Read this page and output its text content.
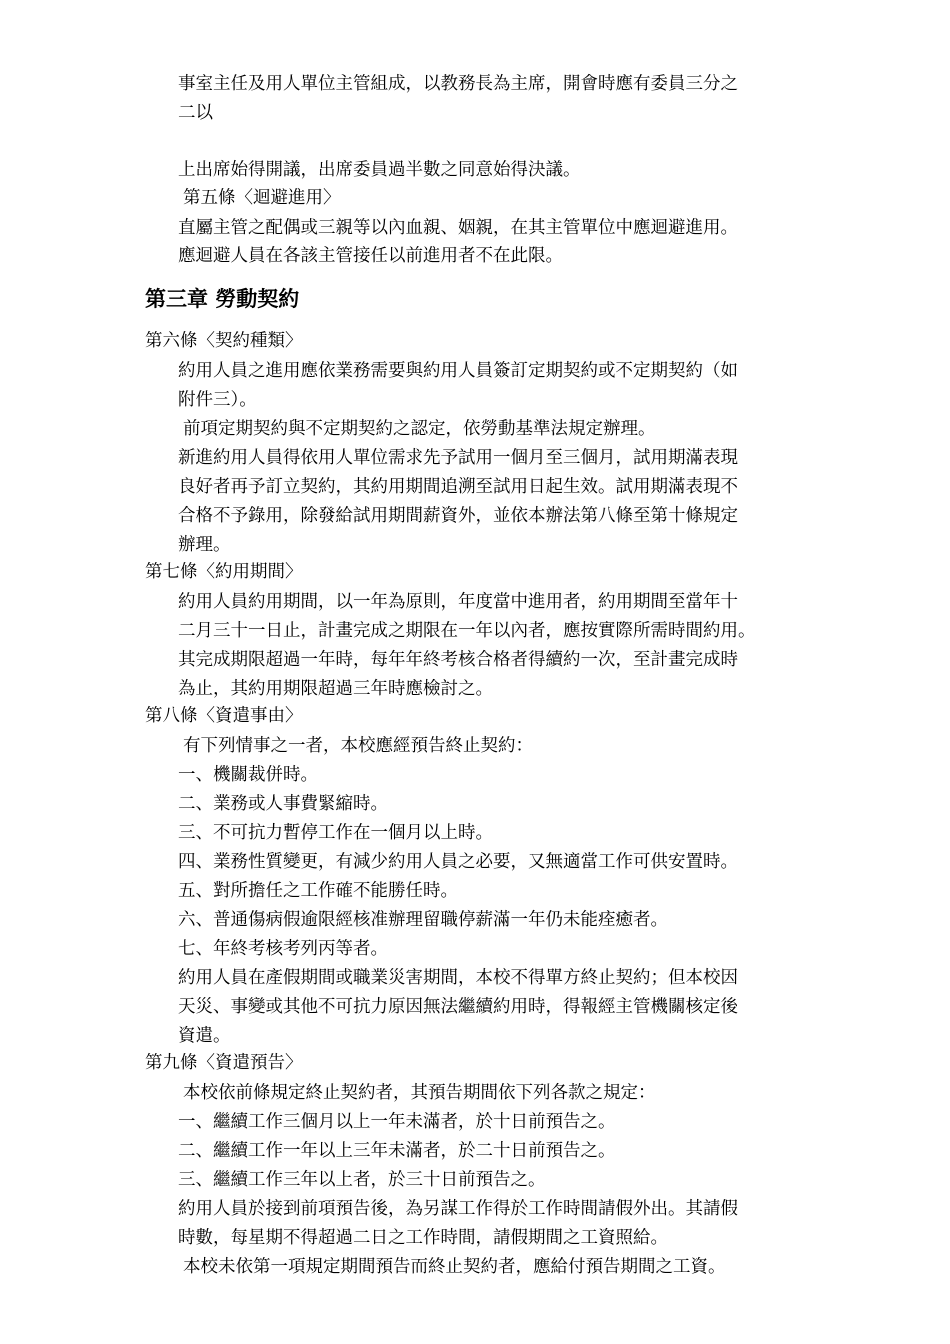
事室主任及用人單位主管組成，以教務長為主席，開會時應有委員三分之
二以
上出席始得開議，出席委員過半數之同意始得決議。
第五條〈迴避進用〉
直屬主管之配偶或三親等以內血親、姻親，在其主管單位中應迴避進用。
應迴避人員在各該主管接任以前進用者不在此限。
第三章 勞動契約
第六條〈契約種類〉
約用人員之進用應依業務需要與約用人員簽訂定期契約或不定期契約（如
附件三）。
前項定期契約與不定期契約之認定，依勞動基準法規定辦理。
新進約用人員得依用人單位需求先予試用一個月至三個月，試用期滿表現
良好者再予訂立契約，其約用期間追溯至試用日起生效。試用期滿表現不
合格不予錄用，除發給試用期間薪資外，並依本辦法第八條至第十條規定
辦理。
第七條〈約用期間〉
約用人員約用期間，以一年為原則，年度當中進用者，約用期間至當年十
二月三十一日止，計畫完成之期限在一年以內者，應按實際所需時間約用。
其完成期限超過一年時，每年年終考核合格者得續約一次，至計畫完成時
為止，其約用期限超過三年時應檢討之。
第八條〈資遣事由〉
有下列情事之一者，本校應經預告終止契約：
一、機關裁併時。
二、業務或人事費緊縮時。
三、不可抗力暫停工作在一個月以上時。
四、業務性質變更，有減少約用人員之必要，又無適當工作可供安置時。
五、對所擔任之工作確不能勝任時。
六、普通傷病假逾限經核准辦理留職停薪滿一年仍未能痊癒者。
七、年終考核考列丙等者。
約用人員在產假期間或職業災害期間，本校不得單方終止契約；但本校因
天災、事變或其他不可抗力原因無法繼續約用時，得報經主管機關核定後
資遣。
第九條〈資遣預告〉
本校依前條規定終止契約者，其預告期間依下列各款之規定：
一、繼續工作三個月以上一年未滿者，於十日前預告之。
二、繼續工作一年以上三年未滿者，於二十日前預告之。
三、繼續工作三年以上者，於三十日前預告之。
約用人員於接到前項預告後，為另謀工作得於工作時間請假外出。其請假
時數，每星期不得超過二日之工作時間，請假期間之工資照給。
本校未依第一項規定期間預告而終止契約者，應給付預告期間之工資。
